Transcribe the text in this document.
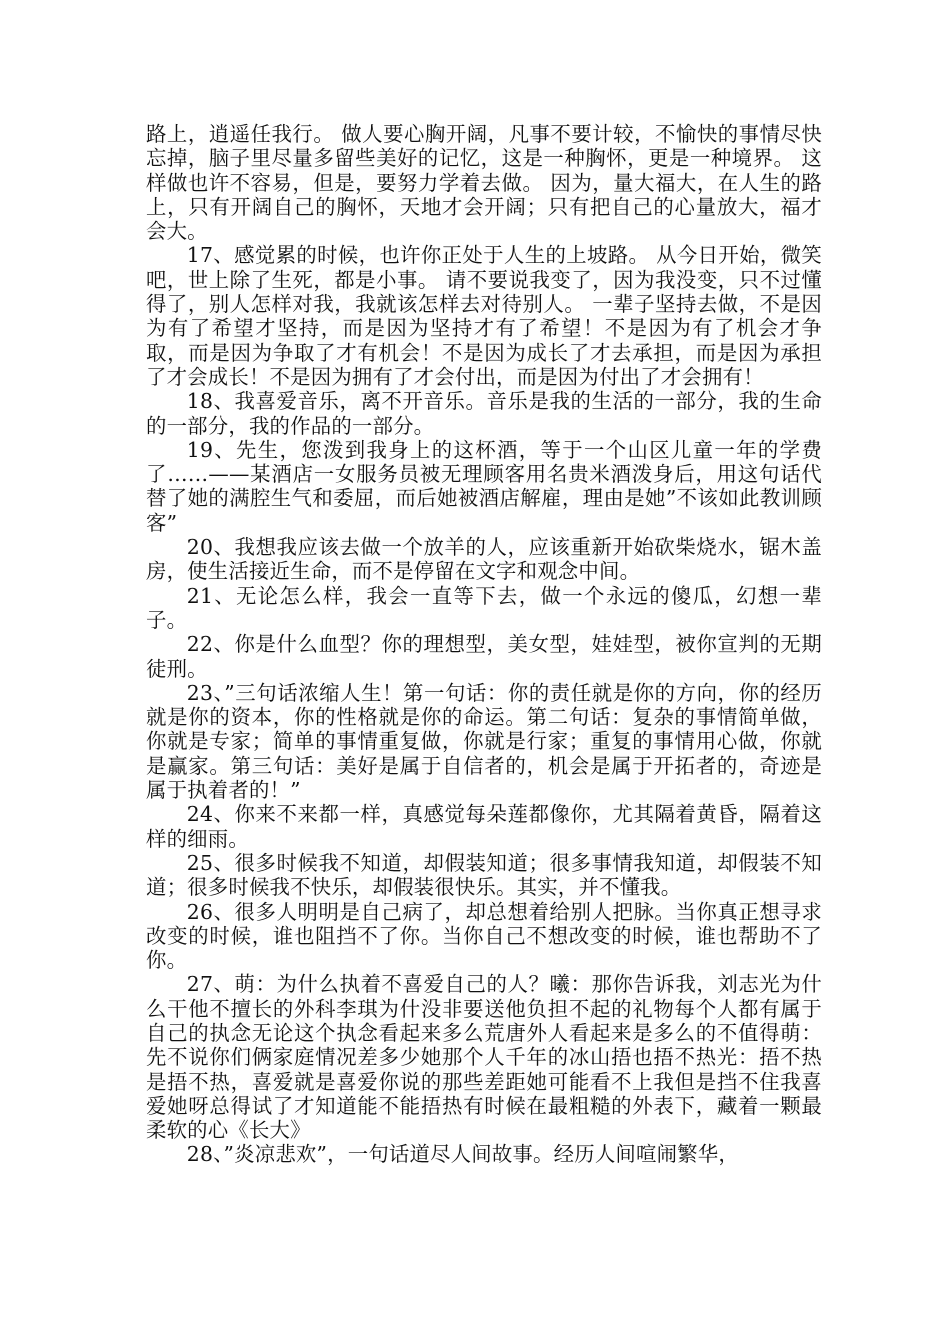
路上，逍遥任我行。 做人要心胸开阔，凡事不要计较，不愉快的事情尽快忘掉，脑子里尽量多留些美好的记忆，这是一种胸怀，更是一种境界。 这样做也许不容易，但是，要努力学着去做。 因为，量大福大，在人生的路上，只有开阔自己的胸怀，天地才会开阔；只有把自己的心量放大，福才会大。

17、感觉累的时候，也许你正处于人生的上坡路。 从今日开始，微笑吧，世上除了生死，都是小事。 请不要说我变了，因为我没变，只不过懂得了，别人怎样对我，我就该怎样去对待别人。 一辈子坚持去做，不是因为有了希望才坚持，而是因为坚持才有了希望！不是因为有了机会才争取，而是因为争取了才有机会！不是因为成长了才去承担，而是因为承担了才会成长！不是因为拥有了才会付出，而是因为付出了才会拥有！

18、我喜爱音乐，离不开音乐。音乐是我的生活的一部分，我的生命的一部分，我的作品的一部分。

19、先生，您泼到我身上的这杯酒，等于一个山区儿童一年的学费了……——某酒店一女服务员被无理顾客用名贵米酒泼身后，用这句话代替了她的满腔生气和委屈，而后她被酒店解雇，理由是她”不该如此教训顾客”

20、我想我应该去做一个放羊的人，应该重新开始砍柴烧水，锯木盖房，使生活接近生命，而不是停留在文字和观念中间。

21、无论怎么样，我会一直等下去，做一个永远的傻瓜，幻想一辈子。

22、你是什么血型？你的理想型，美女型，娃娃型，被你宣判的无期徒刑。

23、”三句话浓缩人生！第一句话：你的责任就是你的方向，你的经历就是你的资本，你的性格就是你的命运。第二句话：复杂的事情简单做，你就是专家；简单的事情重复做，你就是行家；重复的事情用心做，你就是赢家。第三句话：美好是属于自信者的，机会是属于开拓者的，奇迹是属于执着者的！”

24、你来不来都一样，真感觉每朵莲都像你，尤其隔着黄昏，隔着这样的细雨。

25、很多时候我不知道，却假装知道；很多事情我知道，却假装不知道；很多时候我不快乐，却假装很快乐。其实，并不懂我。

26、很多人明明是自己病了，却总想着给别人把脉。当你真正想寻求改变的时候，谁也阻挡不了你。当你自己不想改变的时候，谁也帮助不了你。

27、萌：为什么执着不喜爱自己的人？曦：那你告诉我，刘志光为什么干他不擅长的外科李琪为什没非要送他负担不起的礼物每个人都有属于自己的执念无论这个执念看起来多么荒唐外人看起来是多么的不值得萌：先不说你们俩家庭情况差多少她那个人千年的冰山捂也捂不热光：捂不热是捂不热，喜爱就是喜爱你说的那些差距她可能看不上我但是挡不住我喜爱她呀总得试了才知道能不能捂热有时候在最粗糙的外表下，藏着一颗最柔软的心《长大》

28、”炎凉悲欢”，一句话道尽人间故事。经历人间喧闹繁华，
